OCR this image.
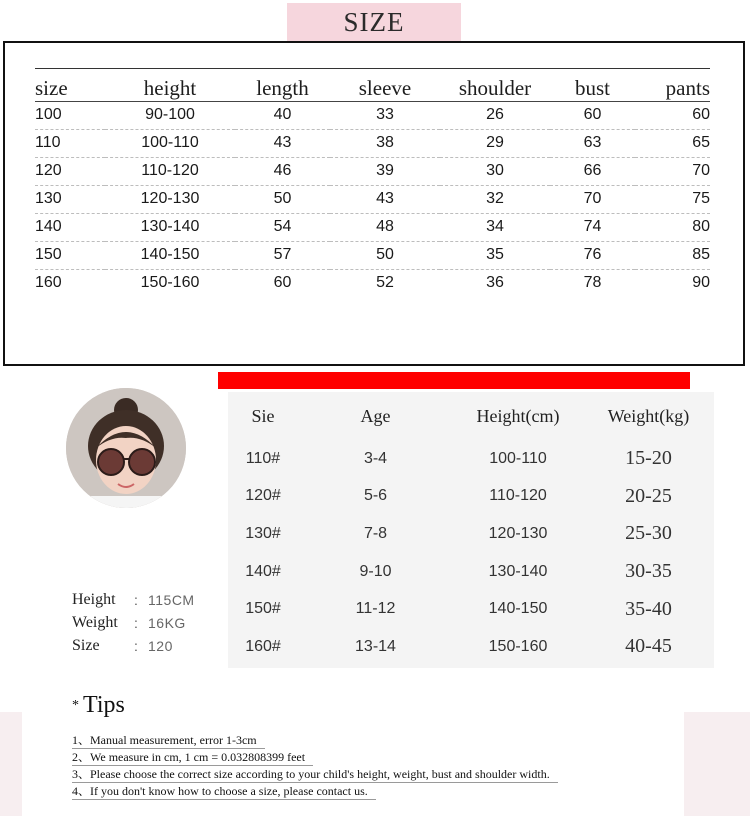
SIZE

size	height	length	sleeve	shoulder	bust	pants
100	90-100	40	33	26	60	60
110	100-110	43	38	29	63	65
120	110-120	46	39	30	66	70
130	120-130	50	43	32	70	75
140	130-140	54	48	34	74	80
150	140-150	57	50	35	76	85
160	150-160	60	52	36	78	90
Sie	Age	Height(cm)	Weight(kg)
110#	3-4	100-110	15-20
120#	5-6	110-120	20-25
130#	7-8	120-130	25-30
140#	9-10	130-140	30-35
150#	11-12	140-150	35-40
160#	13-14	150-160	40-45
Height	: 115CM
Weight	: 16KG
Size	: 120
* Tips
1、Manual measurement, error 1-3cm
2、We measure in cm, 1 cm = 0.032808399 feet
3、Please choose the correct size according to your child's height, weight, bust and shoulder width.
4、If you don't know how to choose a size, please contact us.
